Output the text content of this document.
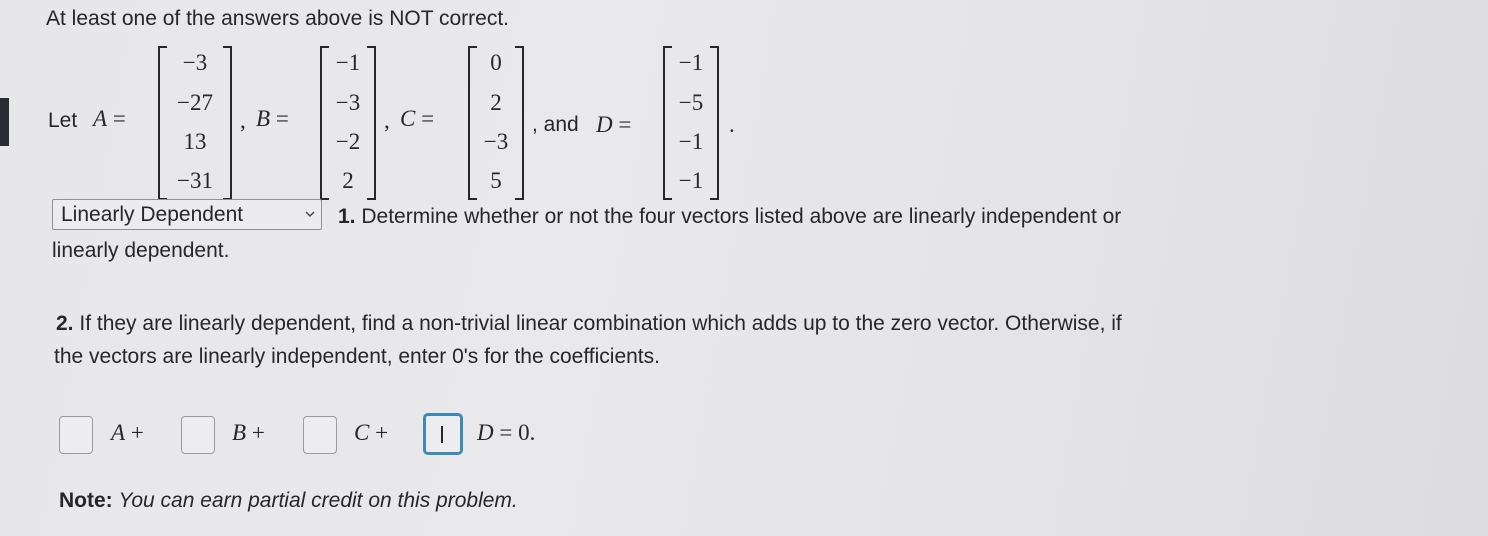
At least one of the answers above is NOT correct.
Let A =
−3
−27
13
−31
, B =
−1
−3
−2
2
, C =
0
2
−3
5
, and D =
−1
−5
−1
−1
.
Linearly Dependent	1. Determine whether or not the four vectors listed above are linearly independent or
linearly dependent.
2. If they are linearly dependent, find a non-trivial linear combination which adds up to the zero vector. Otherwise, if
the vectors are linearly independent, enter 0's for the coefficients.
A +	B +	C +	D = 0.
Note: You can earn partial credit on this problem.
